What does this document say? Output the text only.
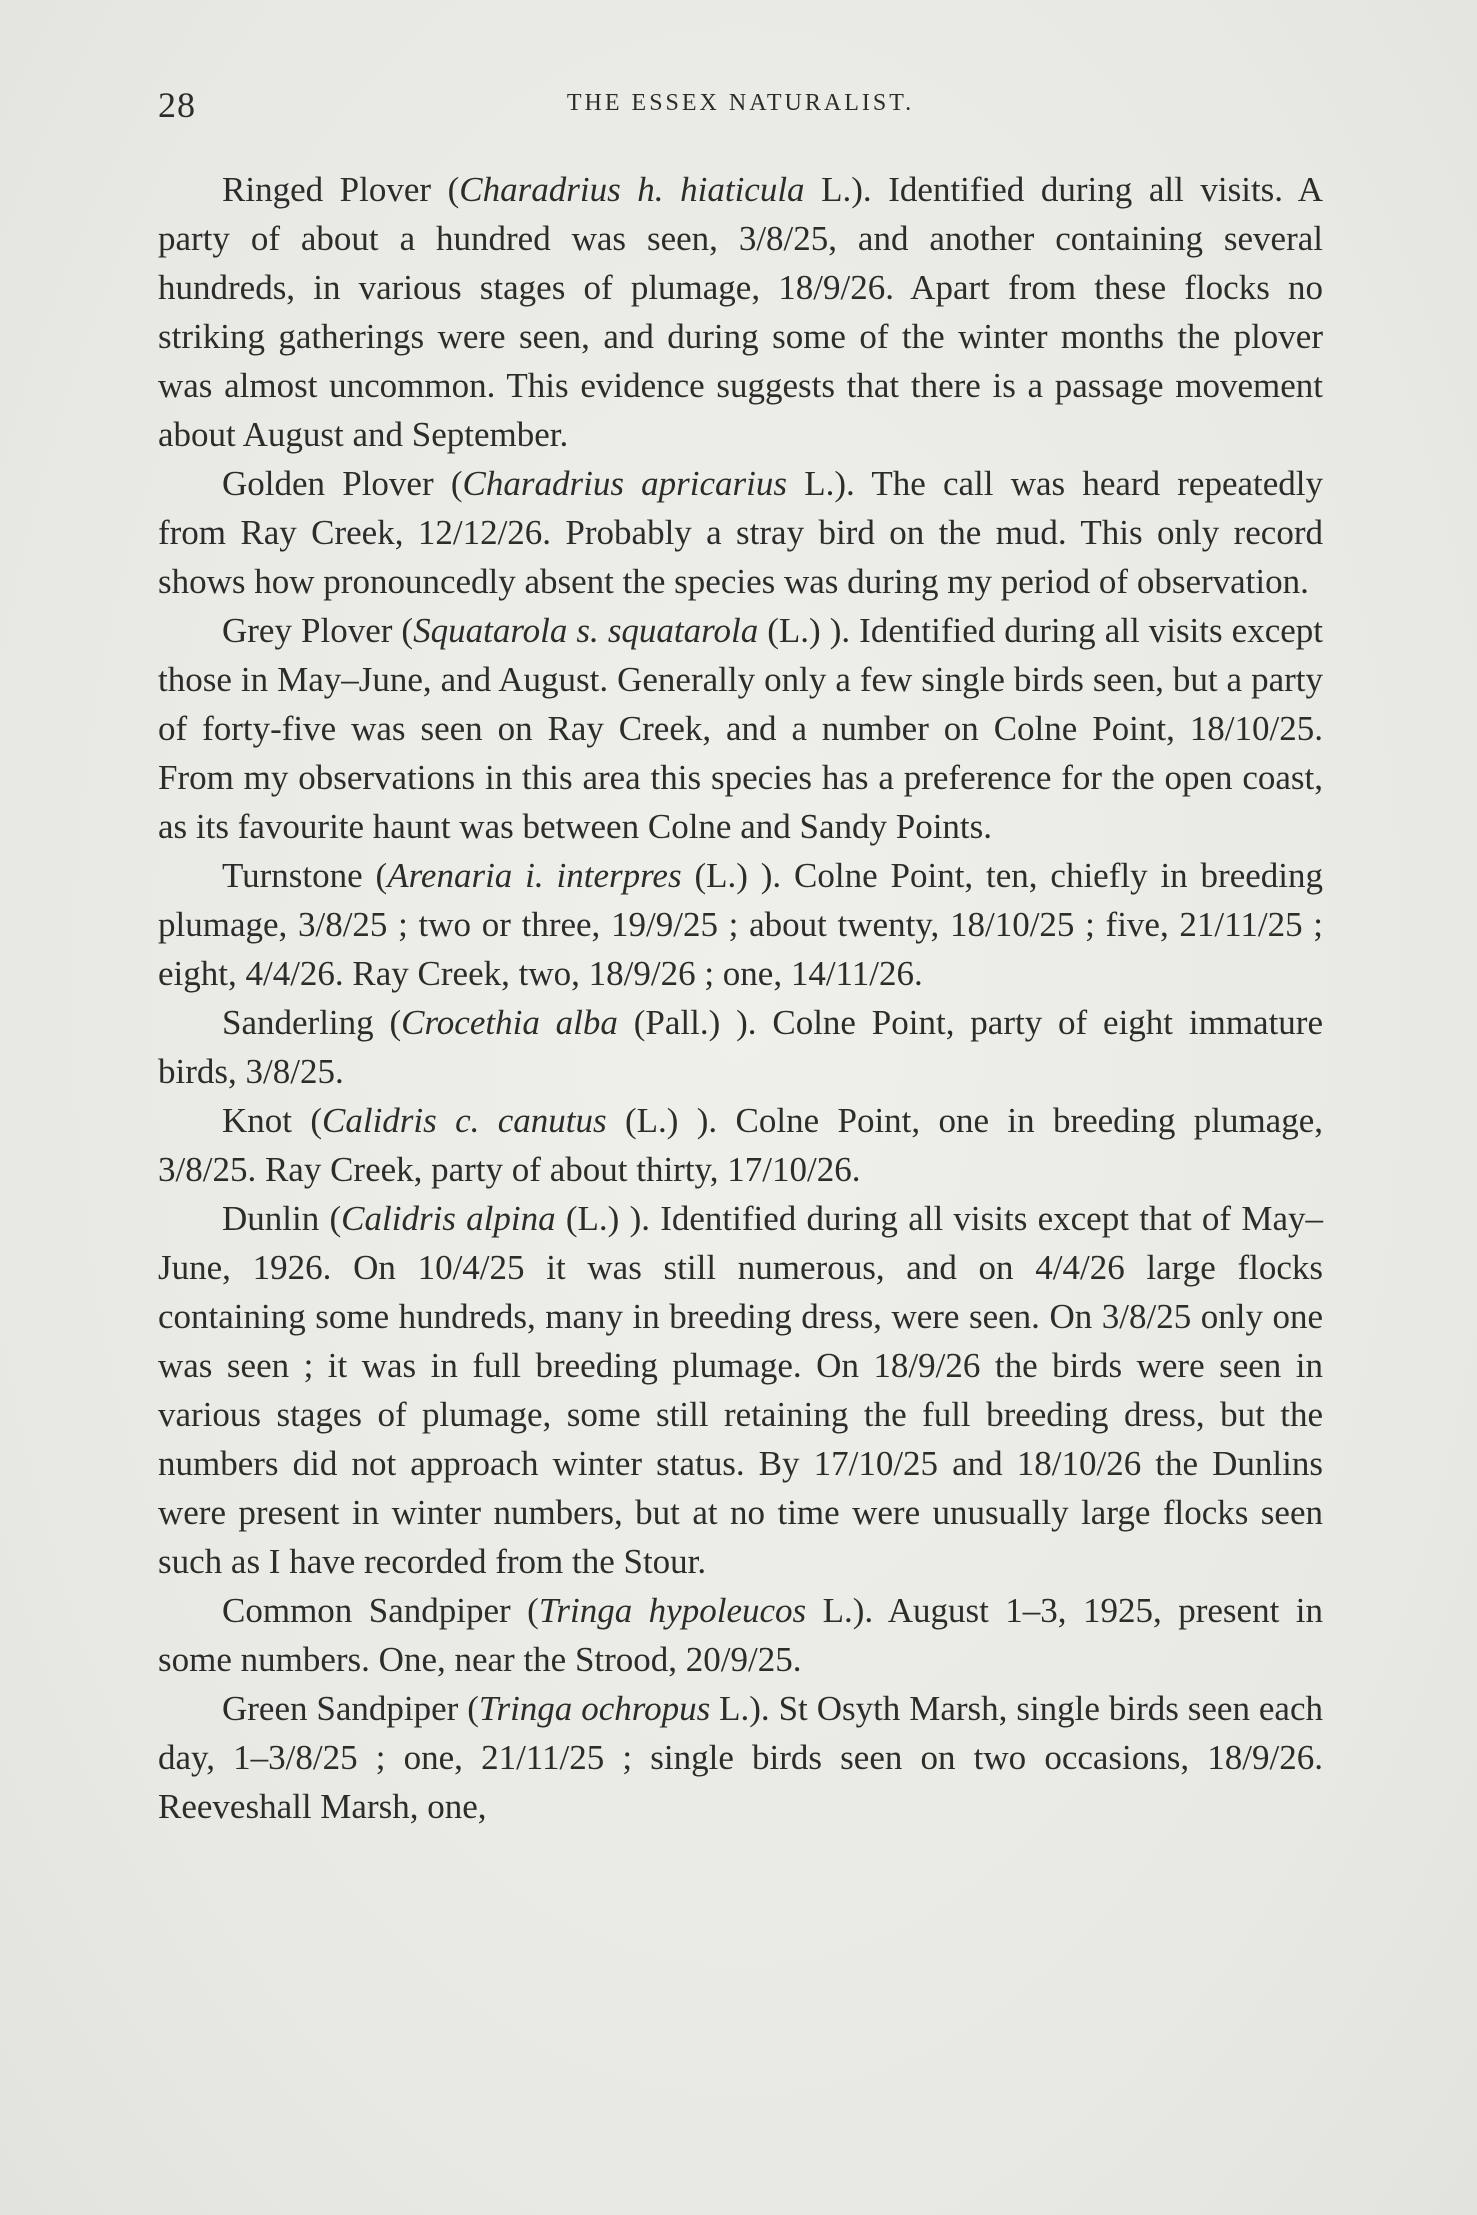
28	THE ESSEX NATURALIST.

Ringed Plover (Charadrius h. hiaticula L.). Identified during all visits. A party of about a hundred was seen, 3/8/25, and another containing several hundreds, in various stages of plumage, 18/9/26. Apart from these flocks no striking gatherings were seen, and during some of the winter months the plover was almost uncommon. This evidence suggests that there is a passage movement about August and September.

Golden Plover (Charadrius apricarius L.). The call was heard repeatedly from Ray Creek, 12/12/26. Probably a stray bird on the mud. This only record shows how pronouncedly absent the species was during my period of observation.

Grey Plover (Squatarola s. squatarola (L.) ). Identified during all visits except those in May–June, and August. Generally only a few single birds seen, but a party of forty-five was seen on Ray Creek, and a number on Colne Point, 18/10/25. From my observations in this area this species has a preference for the open coast, as its favourite haunt was between Colne and Sandy Points.

Turnstone (Arenaria i. interpres (L.) ). Colne Point, ten, chiefly in breeding plumage, 3/8/25 ; two or three, 19/9/25 ; about twenty, 18/10/25 ; five, 21/11/25 ; eight, 4/4/26. Ray Creek, two, 18/9/26 ; one, 14/11/26.

Sanderling (Crocethia alba (Pall.) ). Colne Point, party of eight immature birds, 3/8/25.

Knot (Calidris c. canutus (L.) ). Colne Point, one in breeding plumage, 3/8/25. Ray Creek, party of about thirty, 17/10/26.

Dunlin (Calidris alpina (L.) ). Identified during all visits except that of May–June, 1926. On 10/4/25 it was still numerous, and on 4/4/26 large flocks containing some hundreds, many in breeding dress, were seen. On 3/8/25 only one was seen ; it was in full breeding plumage. On 18/9/26 the birds were seen in various stages of plumage, some still retaining the full breeding dress, but the numbers did not approach winter status. By 17/10/25 and 18/10/26 the Dunlins were present in winter numbers, but at no time were unusually large flocks seen such as I have recorded from the Stour.

Common Sandpiper (Tringa hypoleucos L.). August 1–3, 1925, present in some numbers. One, near the Strood, 20/9/25.

Green Sandpiper (Tringa ochropus L.). St Osyth Marsh, single birds seen each day, 1–3/8/25 ; one, 21/11/25 ; single birds seen on two occasions, 18/9/26. Reeveshall Marsh, one,
